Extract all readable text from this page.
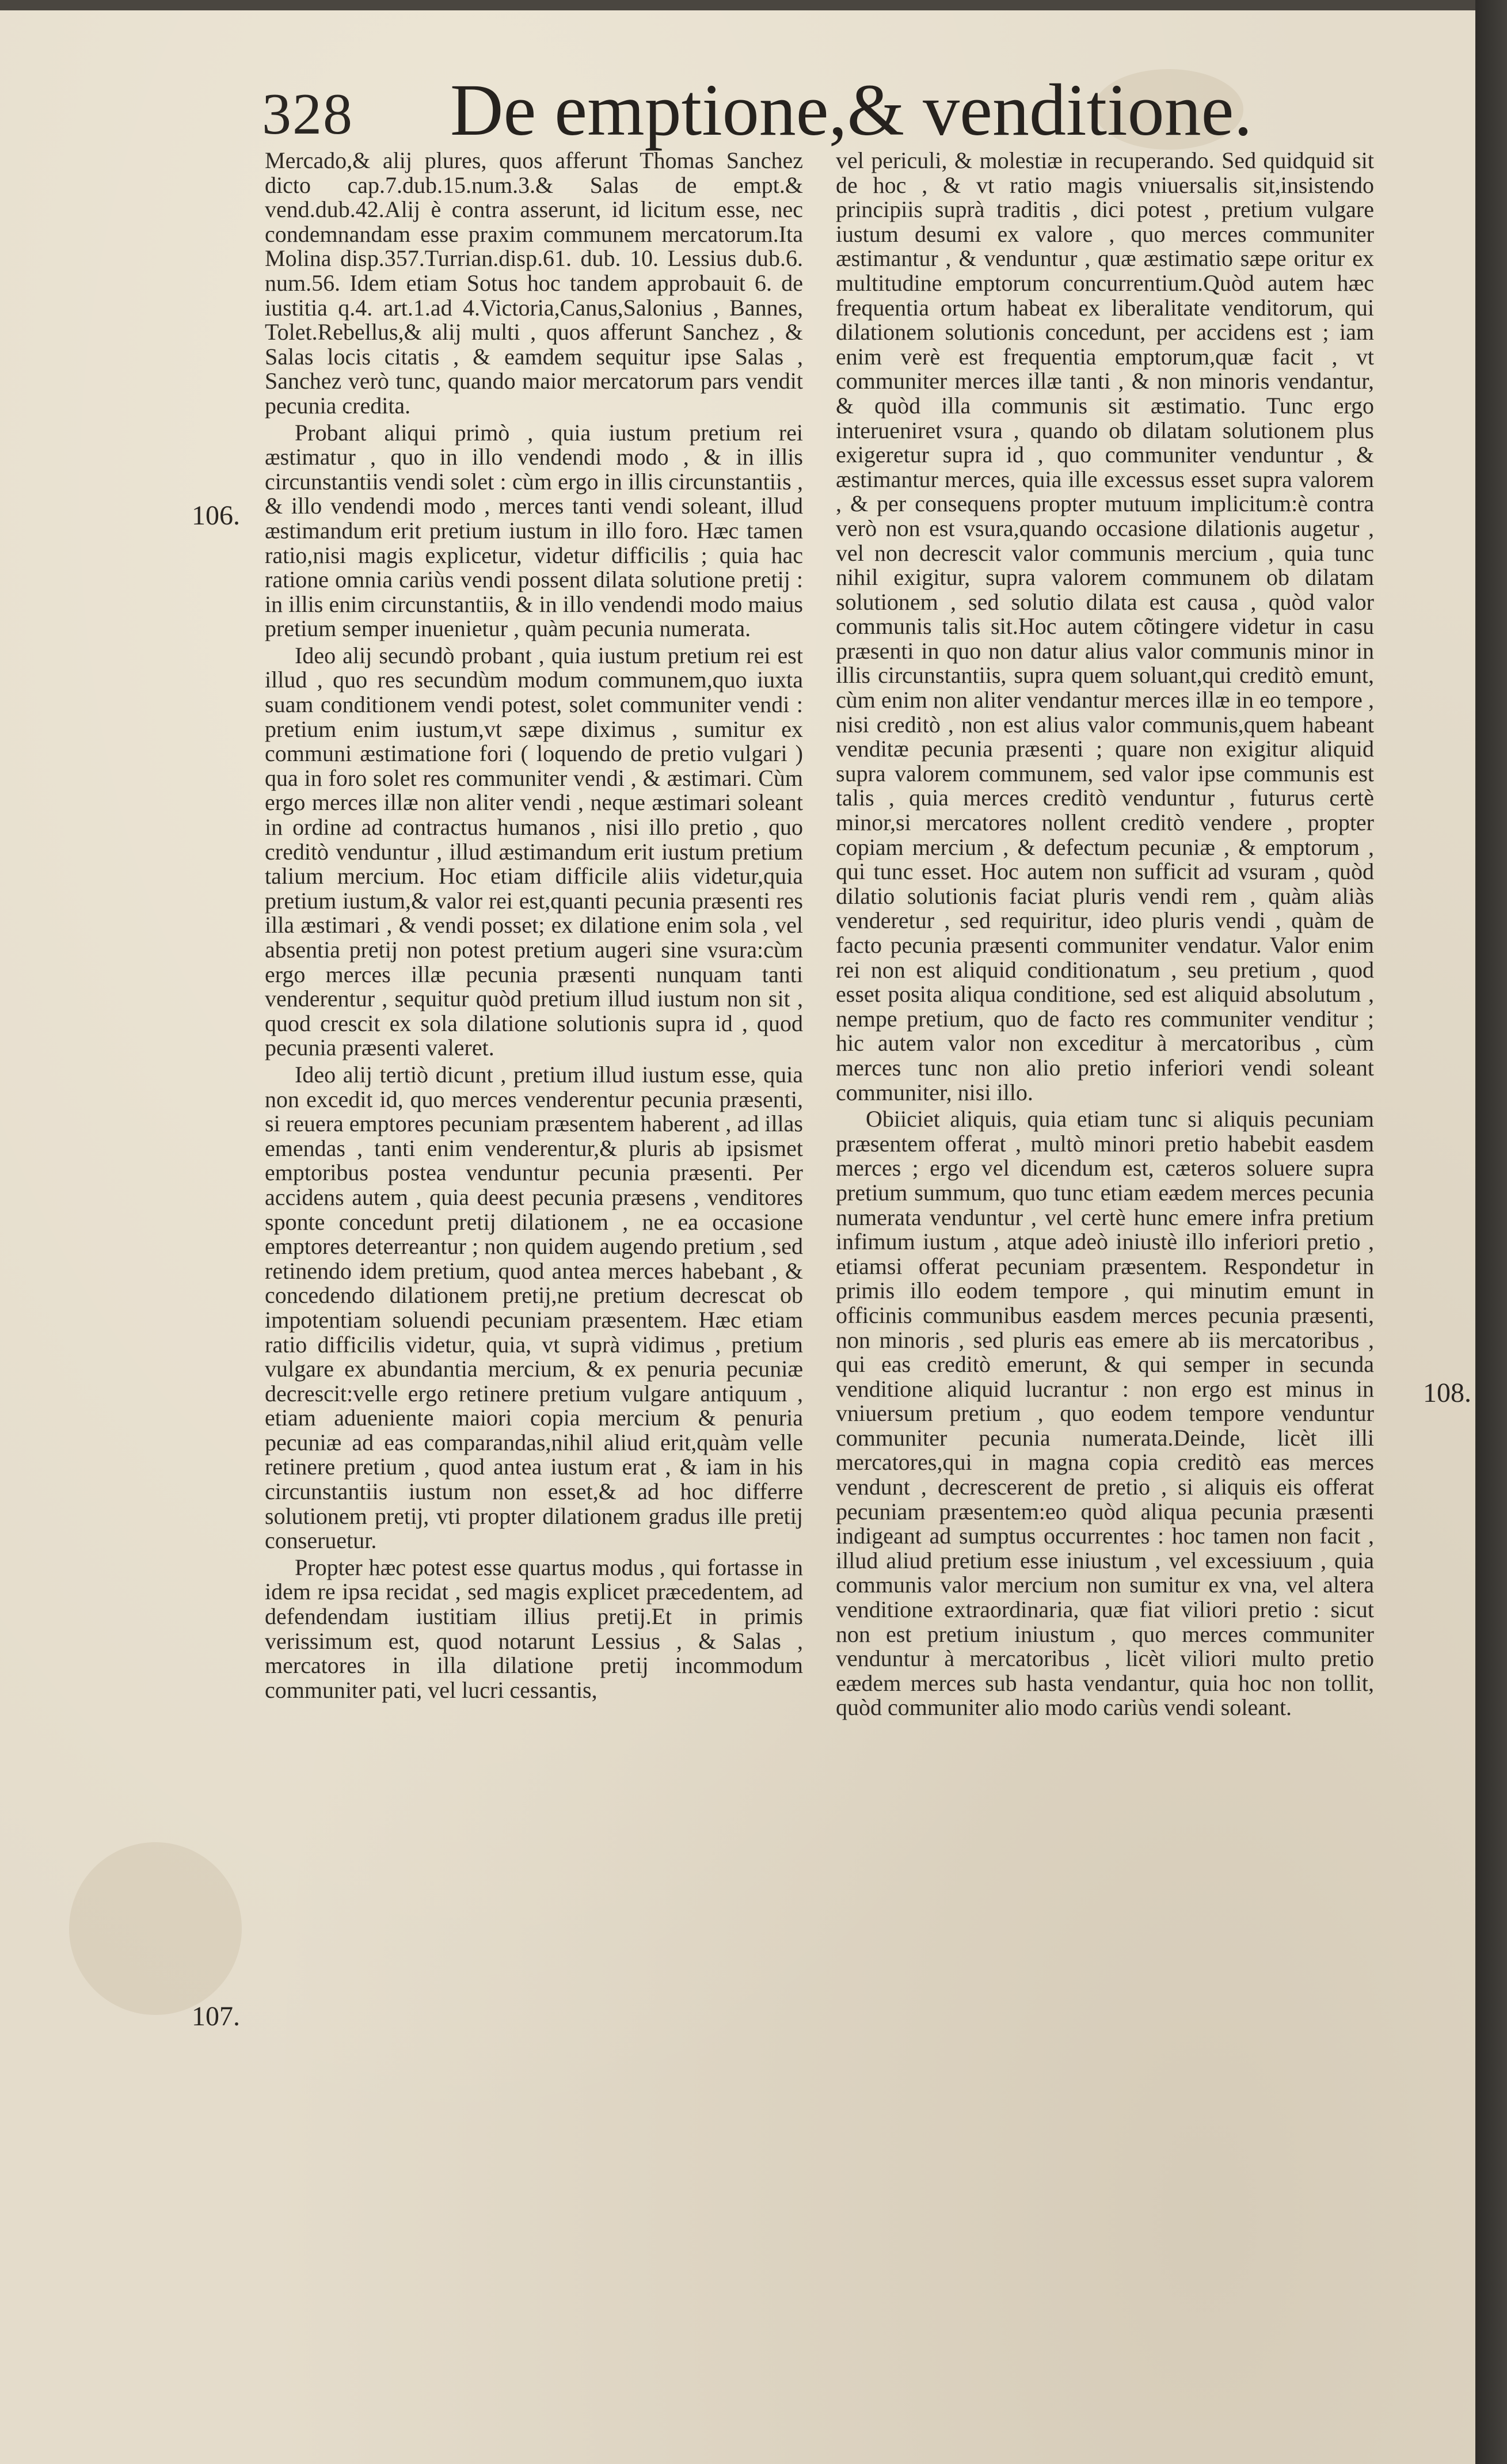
328 De emptione,& venditione.
106.
107.
108.

Mercado,& alij plures, quos afferunt Thomas Sanchez dicto cap.7.dub.15.num.3.& Salas de empt.& vend.dub.42.Alij è contra asserunt, id licitum esse, nec condemnandam esse praxim communem mercatorum.Ita Molina disp.357.Turrian.disp.61. dub. 10. Lessius dub.6. num.56. Idem etiam Sotus hoc tandem approbauit 6. de iustitia q.4. art.1.ad 4.Victoria,Canus,Salonius , Bannes, Tolet.Rebellus,& alij multi , quos afferunt Sanchez , & Salas locis citatis , & eamdem sequitur ipse Salas , Sanchez verò tunc, quando maior mercatorum pars vendit pecunia credita.

Probant aliqui primò , quia iustum pretium rei æstimatur , quo in illo vendendi modo , & in illis circunstantiis vendi solet : cùm ergo in illis circunstantiis , & illo vendendi modo , merces tanti vendi soleant, illud æstimandum erit pretium iustum in illo foro. Hæc tamen ratio,nisi magis explicetur, videtur difficilis ; quia hac ratione omnia cariùs vendi possent dilata solutione pretij : in illis enim circunstantiis, & in illo vendendi modo maius pretium semper inuenietur , quàm pecunia numerata.

Ideo alij secundò probant , quia iustum pretium rei est illud , quo res secundùm modum communem,quo iuxta suam conditionem vendi potest, solet communiter vendi : pretium enim iustum,vt sæpe diximus , sumitur ex communi æstimatione fori ( loquendo de pretio vulgari ) qua in foro solet res communiter vendi , & æstimari. Cùm ergo merces illæ non aliter vendi , neque æstimari soleant in ordine ad contractus humanos , nisi illo pretio , quo creditò venduntur , illud æstimandum erit iustum pretium talium mercium. Hoc etiam difficile aliis videtur,quia pretium iustum,& valor rei est,quanti pecunia præsenti res illa æstimari , & vendi posset; ex dilatione enim sola , vel absentia pretij non potest pretium augeri sine vsura:cùm ergo merces illæ pecunia præsenti nunquam tanti venderentur , sequitur quòd pretium illud iustum non sit , quod crescit ex sola dilatione solutionis supra id , quod pecunia præsenti valeret.

Ideo alij tertiò dicunt , pretium illud iustum esse, quia non excedit id, quo merces venderentur pecunia præsenti, si reuera emptores pecuniam præsentem haberent , ad illas emendas , tanti enim venderentur,& pluris ab ipsismet emptoribus postea venduntur pecunia præsenti. Per accidens autem , quia deest pecunia præsens , venditores sponte concedunt pretij dilationem , ne ea occasione emptores deterreantur ; non quidem augendo pretium , sed retinendo idem pretium, quod antea merces habebant , & concedendo dilationem pretij,ne pretium decrescat ob impotentiam soluendi pecuniam præsentem. Hæc etiam ratio difficilis videtur, quia, vt suprà vidimus , pretium vulgare ex abundantia mercium, & ex penuria pecuniæ decrescit:velle ergo retinere pretium vulgare antiquum , etiam adueniente maiori copia mercium & penuria pecuniæ ad eas comparandas,nihil aliud erit,quàm velle retinere pretium , quod antea iustum erat , & iam in his circunstantiis iustum non esset,& ad hoc differre solutionem pretij, vti propter dilationem gradus ille pretij conseruetur.

Propter hæc potest esse quartus modus , qui fortasse in idem re ipsa recidat , sed magis explicet præcedentem, ad defendendam iustitiam illius pretij.Et in primis verissimum est, quod notarunt Lessius , & Salas , mercatores in illa dilatione pretij incommodum communiter pati, vel lucri cessantis,

vel periculi, & molestiæ in recuperando. Sed quidquid sit de hoc , & vt ratio magis vniuersalis sit,insistendo principiis suprà traditis , dici potest , pretium vulgare iustum desumi ex valore , quo merces communiter æstimantur , & venduntur , quæ æstimatio sæpe oritur ex multitudine emptorum concurrentium.Quòd autem hæc frequentia ortum habeat ex liberalitate venditorum, qui dilationem solutionis concedunt, per accidens est ; iam enim verè est frequentia emptorum,quæ facit , vt communiter merces illæ tanti , & non minoris vendantur, & quòd illa communis sit æstimatio. Tunc ergo interueniret vsura , quando ob dilatam solutionem plus exigeretur supra id , quo communiter venduntur , & æstimantur merces, quia ille excessus esset supra valorem , & per consequens propter mutuum implicitum:è contra verò non est vsura,quando occasione dilationis augetur , vel non decrescit valor communis mercium , quia tunc nihil exigitur, supra valorem communem ob dilatam solutionem , sed solutio dilata est causa , quòd valor communis talis sit.Hoc autem cõtingere videtur in casu præsenti in quo non datur alius valor communis minor in illis circunstantiis, supra quem soluant,qui creditò emunt, cùm enim non aliter vendantur merces illæ in eo tempore , nisi creditò , non est alius valor communis,quem habeant venditæ pecunia præsenti ; quare non exigitur aliquid supra valorem communem, sed valor ipse communis est talis , quia merces creditò venduntur , futurus certè minor,si mercatores nollent creditò vendere , propter copiam mercium , & defectum pecuniæ , & emptorum , qui tunc esset. Hoc autem non sufficit ad vsuram , quòd dilatio solutionis faciat pluris vendi rem , quàm aliàs venderetur , sed requiritur, ideo pluris vendi , quàm de facto pecunia præsenti communiter vendatur. Valor enim rei non est aliquid conditionatum , seu pretium , quod esset posita aliqua conditione, sed est aliquid absolutum , nempe pretium, quo de facto res communiter venditur ; hic autem valor non exceditur à mercatoribus , cùm merces tunc non alio pretio inferiori vendi soleant communiter, nisi illo.

Obiiciet aliquis, quia etiam tunc si aliquis pecuniam præsentem offerat , multò minori pretio habebit easdem merces ; ergo vel dicendum est, cæteros soluere supra pretium summum, quo tunc etiam eædem merces pecunia numerata venduntur , vel certè hunc emere infra pretium infimum iustum , atque adeò iniustè illo inferiori pretio , etiamsi offerat pecuniam præsentem. Respondetur in primis illo eodem tempore , qui minutim emunt in officinis communibus easdem merces pecunia præsenti, non minoris , sed pluris eas emere ab iis mercatoribus , qui eas creditò emerunt, & qui semper in secunda venditione aliquid lucrantur : non ergo est minus in vniuersum pretium , quo eodem tempore venduntur communiter pecunia numerata.Deinde, licèt illi mercatores,qui in magna copia creditò eas merces vendunt , decrescerent de pretio , si aliquis eis offerat pecuniam præsentem:eo quòd aliqua pecunia præsenti indigeant ad sumptus occurrentes : hoc tamen non facit , illud aliud pretium esse iniustum , vel excessiuum , quia communis valor mercium non sumitur ex vna, vel altera venditione extraordinaria, quæ fiat viliori pretio : sicut non est pretium iniustum , quo merces communiter venduntur à mercatoribus , licèt viliori multo pretio eædem merces sub hasta vendantur, quia hoc non tollit, quòd communiter alio modo cariùs vendi soleant.
